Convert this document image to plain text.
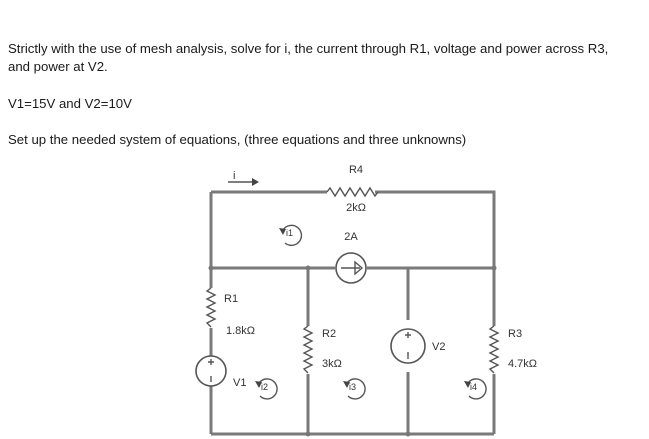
Strictly with the use of mesh analysis, solve for i, the current through R1, voltage and power across R3,

and power at V2.

V1=15V and V2=10V

Set up the needed system of equations, (three equations and three unknowns)

R4
2kΩ
2A
R1
1.8kΩ
V1
R2
3kΩ
V2
R3
4.7kΩ
i
i1
i2	i3	i4
